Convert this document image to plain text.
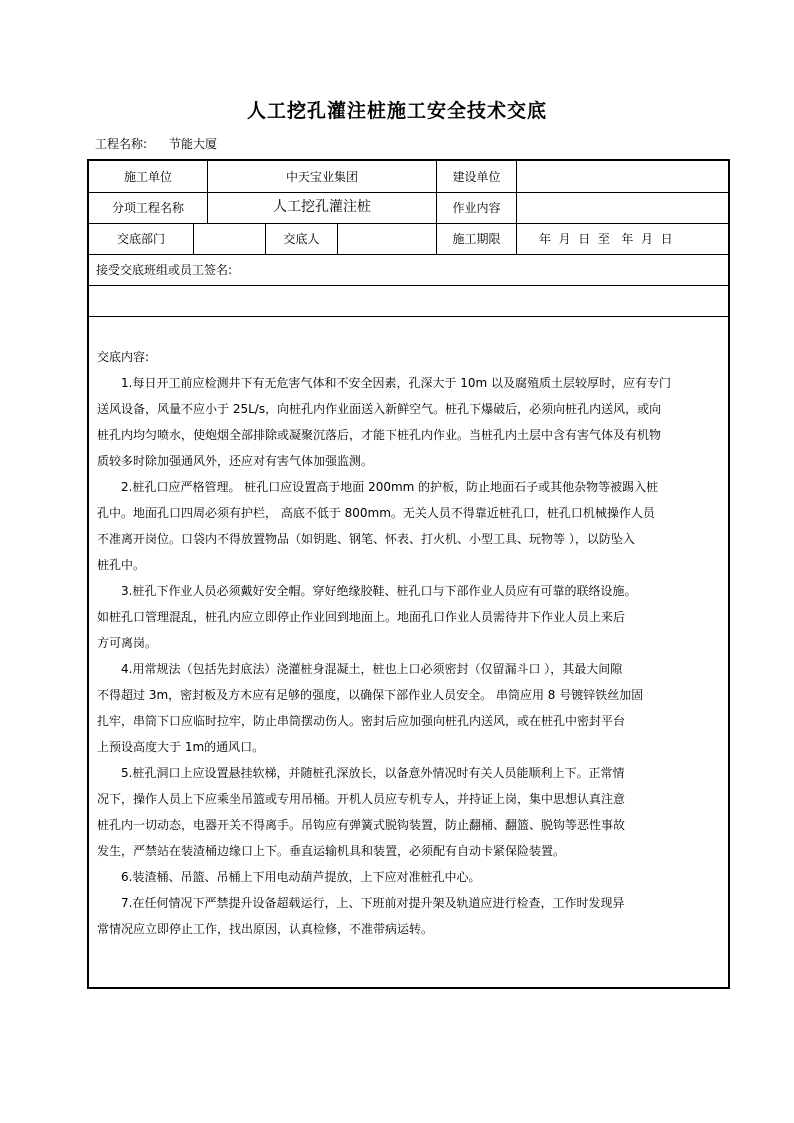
人工挖孔灌注桩施工安全技术交底
工程名称: 节能大厦
施工单位	中天宝业集团	建设单位
分项工程名称	人工挖孔灌注桩	作业内容
交底部门	交底人	施工期限	年  月  日  至   年  月  日
接受交底班组或员工签名:
交底内容:
1.每日开工前应检测井下有无危害气体和不安全因素，孔深大于 10m 以及腐殖质土层较厚时，应有专门
送风设备，风量不应小于 25L/s，向桩孔内作业面送入新鲜空气。桩孔下爆破后，必须向桩孔内送风，或向
桩孔内均匀喷水，使炮烟全部排除或凝聚沉落后，才能下桩孔内作业。当桩孔内土层中含有害气体及有机物
质较多时除加强通风外，还应对有害气体加强监测。
2.桩孔口应严格管理。 桩孔口应设置高于地面 200mm 的护板，防止地面石子或其他杂物等被踢入桩
孔中。地面孔口四周必须有护栏， 高底不低于 800mm。无关人员不得靠近桩孔口，桩孔口机械操作人员
不准离开岗位。口袋内不得放置物品（如钥匙、钢笔、怀表、打火机、小型工具、玩物等 ），以防坠入
桩孔中。
3.桩孔下作业人员必须戴好安全帽。穿好绝缘胶鞋、桩孔口与下部作业人员应有可靠的联络设施。
如桩孔口管理混乱，桩孔内应立即停止作业回到地面上。地面孔口作业人员需待井下作业人员上来后
方可离岗。
4.用常规法（包括先封底法）浇灌桩身混凝土，桩也上口必须密封（仅留漏斗口 ），其最大间隙
不得超过 3m，密封板及方木应有足够的强度，以确保下部作业人员安全。 串筒应用 8 号镀锌铁丝加固
扎牢，串筒下口应临时拉牢，防止串筒摆动伤人。密封后应加强向桩孔内送风，或在桩孔中密封平台
上预设高度大于 1m的通风口。
5.桩孔洞口上应设置悬挂软梯，并随桩孔深放长，以备意外情况时有关人员能顺利上下。正常情
况下，操作人员上下应乘坐吊篮或专用吊桶。开机人员应专机专人，并持证上岗，集中思想认真注意
桩孔内一切动态，电器开关不得离手。吊钩应有弹簧式脱钩装置，防止翻桶、翻篮、脱钩等恶性事故
发生，严禁站在装渣桶边缘口上下。垂直运输机具和装置，必须配有自动卡紧保险装置。
6.装渣桶、吊篮、吊桶上下用电动葫芦提放，上下应对准桩孔中心。
7.在任何情况下严禁提升设备超载运行，上、下班前对提升架及轨道应进行检查，工作时发现异
常情况应立即停止工作，找出原因，认真检修，不准带病运转。
